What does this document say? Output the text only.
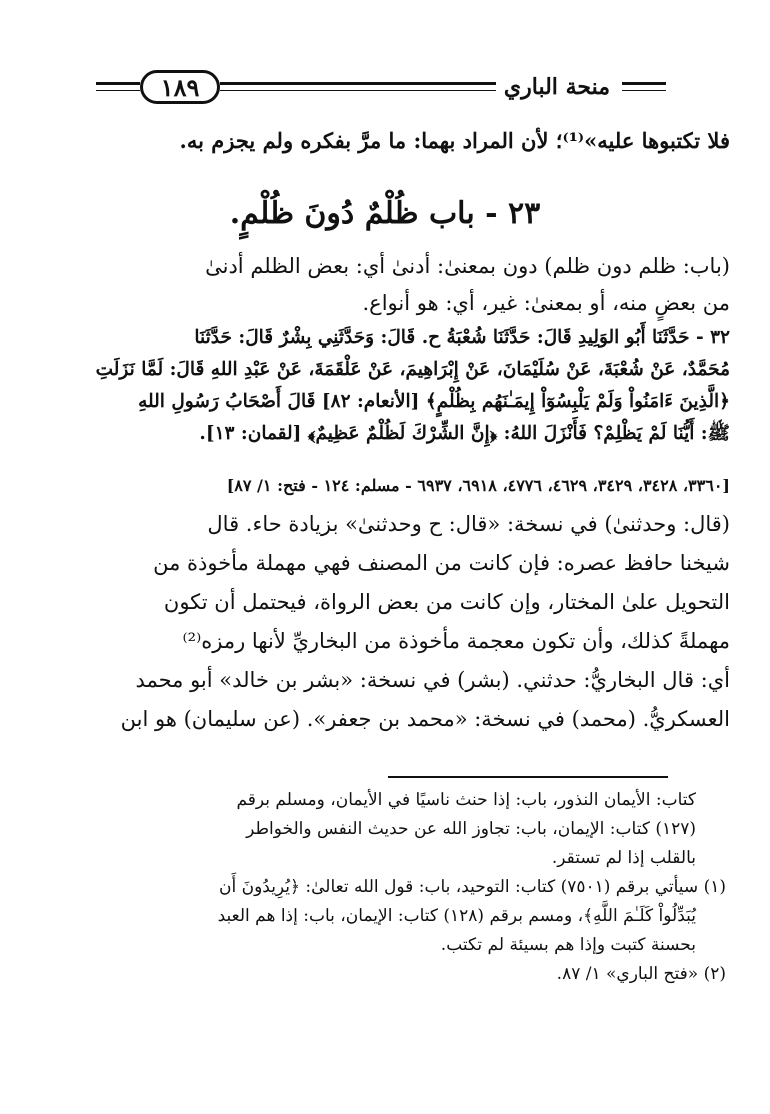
١٨٩	منحة الباري
فلا تكتبوها عليه»⁽¹⁾؛ لأن المراد بهما: ما مرَّ بفكره ولم يجزم به.
٢٣ - باب ظُلْمٌ دُونَ ظُلْمٍ.
(باب: ظلم دون ظلم) دون بمعنىٰ: أدنىٰ أي: بعض الظلم أدنىٰ
من بعضٍ منه، أو بمعنىٰ: غير، أي: هو أنواع.
٣٢ - حَدَّثَنَا أَبُو الوَلِيدِ قَالَ: حَدَّثَنَا شُعْبَةُ ح. قَالَ: وَحَدَّثَنِي بِشْرٌ قَالَ: حَدَّثَنَا
مُحَمَّدٌ، عَنْ شُعْبَةَ، عَنْ سُلَيْمَانَ، عَنْ إِبْرَاهِيمَ، عَنْ عَلْقَمَةَ، عَنْ عَبْدِ اللهِ قَالَ: لَمَّا نَزَلَتِ
﴿الَّذِينَ ءَامَنُواْ وَلَمْ يَلْبِسُوٓاْ إِيمَـٰنَهُم بِظُلْمٍ﴾ [الأنعام: ٨٢] قَالَ أَصْحَابُ رَسُولِ اللهِ
ﷺ: أَيُّنَا لَمْ يَظْلِمْ؟ فَأَنْزَلَ اللهُ: ﴿إِنَّ الشِّرْكَ لَظُلْمٌ عَظِيمٌ﴾ [لقمان: ١٣].
[٣٣٦٠، ٣٤٢٨، ٣٤٢٩، ٤٦٢٩، ٤٧٧٦، ٦٩١٨، ٦٩٣٧ - مسلم: ١٢٤ - فتح: ١/ ٨٧]
(قال: وحدثنىٰ) في نسخة: «قال: ح وحدثنىٰ» بزيادة حاء. قال
شيخنا حافظ عصره: فإن كانت من المصنف فهي مهملة مأخوذة من
التحويل علىٰ المختار، وإن كانت من بعض الرواة، فيحتمل أن تكون
مهملةً كذلك، وأن تكون معجمة مأخوذة من البخاريِّ لأنها رمزه⁽²⁾
أي: قال البخاريُّ: حدثني. (بشر) في نسخة: «بشر بن خالد» أبو محمد
العسكريُّ. (محمد) في نسخة: «محمد بن جعفر». (عن سليمان) هو ابن
كتاب: الأيمان النذور، باب: إذا حنث ناسيًا في الأيمان، ومسلم برقم
(١٢٧) كتاب: الإيمان، باب: تجاوز الله عن حديث النفس والخواطر
بالقلب إذا لم تستقر.
(١) سيأتي برقم (٧٥٠١) كتاب: التوحيد، باب: قول الله تعالىٰ: ﴿يُرِيدُونَ أَن
يُبَدِّلُواْ كَلَـٰمَ اللَّهِ﴾، ومسم برقم (١٢٨) كتاب: الإيمان، باب: إذا هم العبد
بحسنة كتبت وإذا هم بسيئة لم تكتب.
(٢) «فتح الباري» ١/ ٨٧.
